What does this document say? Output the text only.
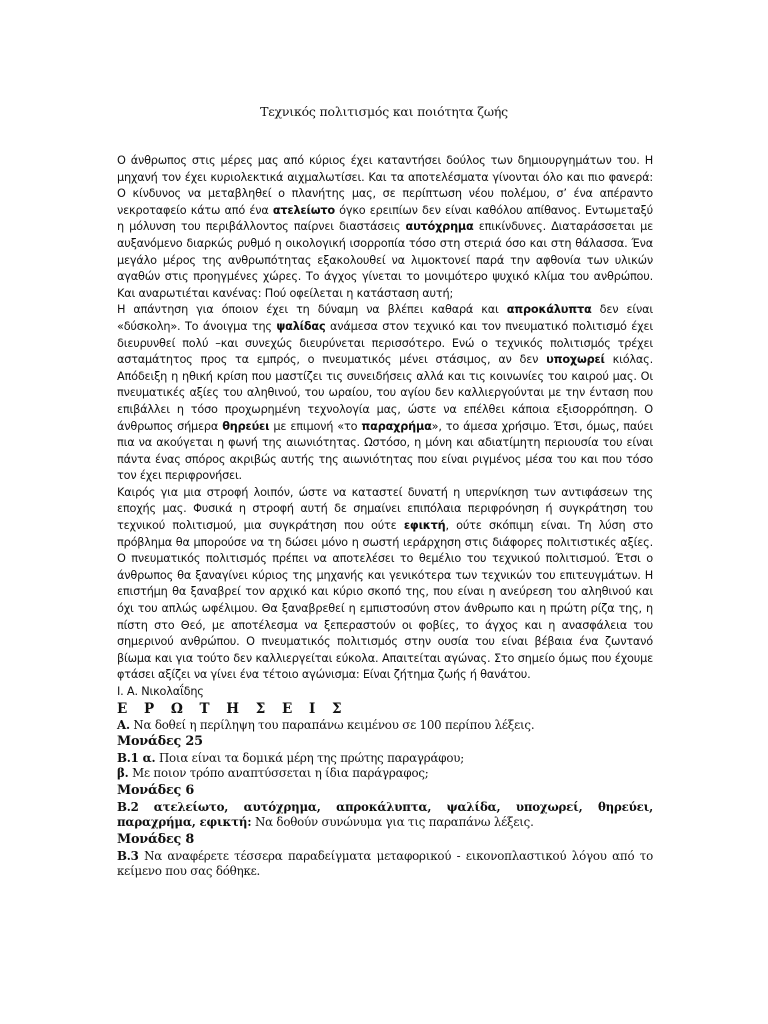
Τεχνικός πολιτισμός και ποιότητα ζωής

Ο άνθρωπος στις μέρες μας από κύριος έχει καταντήσει δούλος των δημιουργημάτων του. Η μηχανή τον έχει κυριολεκτικά αιχμαλωτίσει. Και τα αποτελέσματα γίνονται όλο και πιο φανερά: Ο κίνδυνος να μεταβληθεί ο πλανήτης μας, σε περίπτωση νέου πολέμου, σ’ ένα απέραντο νεκροταφείο κάτω από ένα ατελείωτο όγκο ερειπίων δεν είναι καθόλου απίθανος. Εντωμεταξύ η μόλυνση του περιβάλλοντος παίρνει διαστάσεις αυτόχρημα επικίνδυνες. Διαταράσσεται με αυξανόμενο διαρκώς ρυθμό η οικολογική ισορροπία τόσο στη στεριά όσο και στη θάλασσα. Ένα μεγάλο μέρος της ανθρωπότητας εξακολουθεί να λιμοκτονεί παρά την αφθονία των υλικών αγαθών στις προηγμένες χώρες. Το άγχος γίνεται το μονιμότερο ψυχικό κλίμα του ανθρώπου. Και αναρωτιέται κανένας: Πού οφείλεται η κατάσταση αυτή;

Η απάντηση για όποιον έχει τη δύναμη να βλέπει καθαρά και απροκάλυπτα δεν είναι «δύσκολη». Το άνοιγμα της ψαλίδας ανάμεσα στον τεχνικό και τον πνευματικό πολιτισμό έχει διευρυνθεί πολύ –και συνεχώς διευρύνεται περισσότερο. Ενώ ο τεχνικός πολιτισμός τρέχει ασταμάτητος προς τα εμπρός, ο πνευματικός μένει στάσιμος, αν δεν υποχωρεί κιόλας. Απόδειξη η ηθική κρίση που μαστίζει τις συνειδήσεις αλλά και τις κοινωνίες του καιρού μας. Οι πνευματικές αξίες του αληθινού, του ωραίου, του αγίου δεν καλλιεργούνται με την ένταση που επιβάλλει η τόσο προχωρημένη τεχνολογία μας, ώστε να επέλθει κάποια εξισορρόπηση. Ο άνθρωπος σήμερα θηρεύει με επιμονή «το παραχρήμα», το άμεσα χρήσιμο. Έτσι, όμως, παύει πια να ακούγεται η φωνή της αιωνιότητας. Ωστόσο, η μόνη και αδιατίμητη περιουσία του είναι πάντα ένας σπόρος ακριβώς αυτής της αιωνιότητας που είναι ριγμένος μέσα του και που τόσο τον έχει περιφρονήσει.

Καιρός για μια στροφή λοιπόν, ώστε να καταστεί δυνατή η υπερνίκηση των αντιφάσεων της εποχής μας. Φυσικά η στροφή αυτή δε σημαίνει επιπόλαια περιφρόνηση ή συγκράτηση του τεχνικού πολιτισμού, μια συγκράτηση που ούτε εφικτή, ούτε σκόπιμη είναι. Τη λύση στο πρόβλημα θα μπορούσε να τη δώσει μόνο η σωστή ιεράρχηση στις διάφορες πολιτιστικές αξίες. Ο πνευματικός πολιτισμός πρέπει να αποτελέσει το θεμέλιο του τεχνικού πολιτισμού. Έτσι ο άνθρωπος θα ξαναγίνει κύριος της μηχανής και γενικότερα των τεχνικών του επιτευγμάτων. Η επιστήμη θα ξαναβρεί τον αρχικό και κύριο σκοπό της, που είναι η ανεύρεση του αληθινού και όχι του απλώς ωφέλιμου. Θα ξαναβρεθεί η εμπιστοσύνη στον άνθρωπο και η πρώτη ρίζα της, η πίστη στο Θεό, με αποτέλεσμα να ξεπεραστούν οι φοβίες, το άγχος και η ανασφάλεια του σημερινού ανθρώπου. Ο πνευματικός πολιτισμός στην ουσία του είναι βέβαια ένα ζωντανό βίωμα και για τούτο δεν καλλιεργείται εύκολα. Απαιτείται αγώνας. Στο σημείο όμως που έχουμε φτάσει αξίζει να γίνει ένα τέτοιο αγώνισμα: Είναι ζήτημα ζωής ή θανάτου.

Ι. Α. Νικολαΐδης

Ε Ρ Ω Τ Η Σ Ε Ι Σ

Α. Να δοθεί η περίληψη του παραπάνω κειμένου σε 100 περίπου λέξεις.

Μονάδες 25

Β.1 α. Ποια είναι τα δομικά μέρη της πρώτης παραγράφου;

β. Με ποιον τρόπο αναπτύσσεται η ίδια παράγραφος;

Μονάδες 6

Β.2 ατελείωτο, αυτόχρημα, απροκάλυπτα, ψαλίδα, υποχωρεί, θηρεύει, παραχρήμα, εφικτή: Να δοθούν συνώνυμα για τις παραπάνω λέξεις.

Μονάδες 8

Β.3 Να αναφέρετε τέσσερα παραδείγματα μεταφορικού - εικονοπλαστικού λόγου από το κείμενο που σας δόθηκε.
